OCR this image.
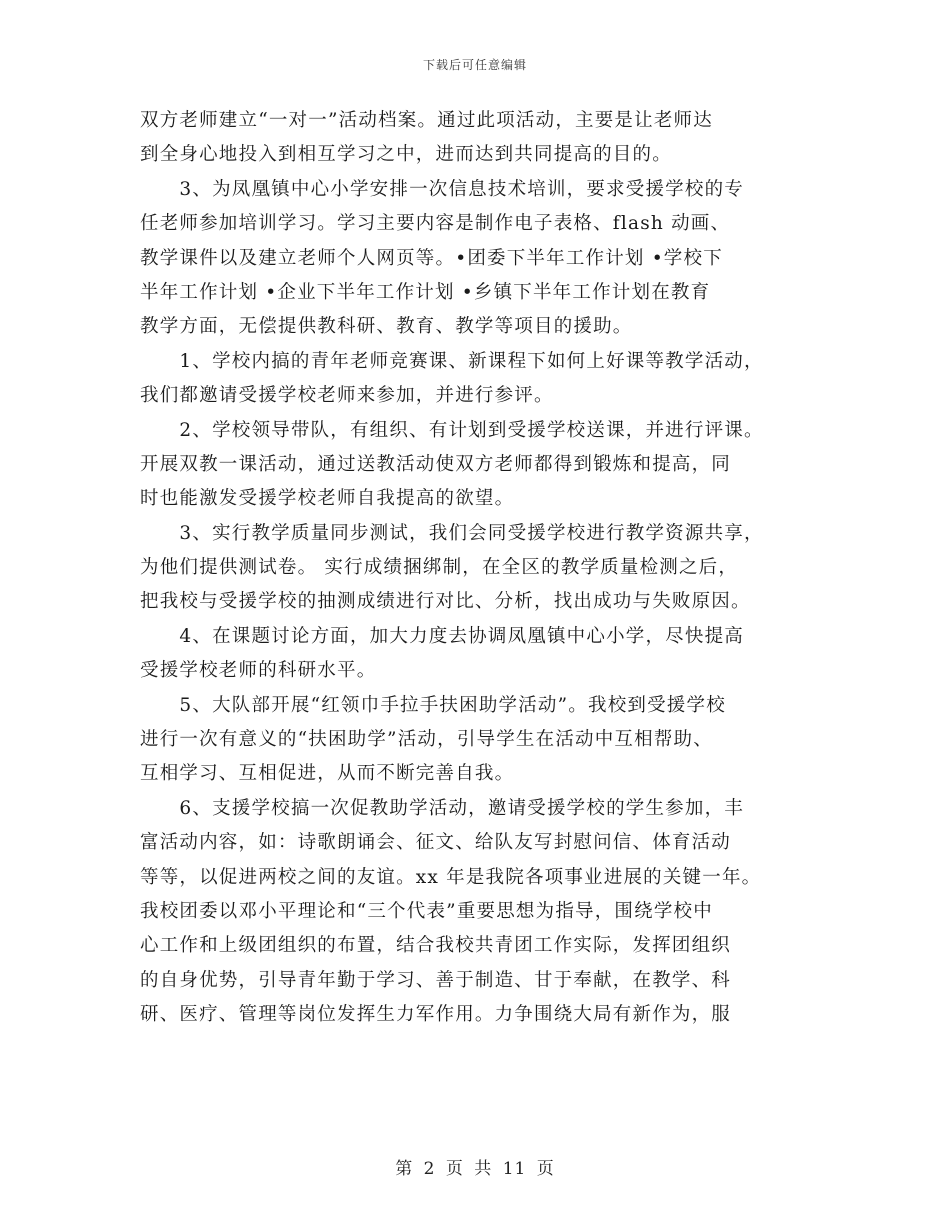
下载后可任意编辑
双方老师建立“一对一”活动档案。通过此项活动，主要是让老师达
到全身心地投入到相互学习之中，进而达到共同提高的目的。
　　3、为凤凰镇中心小学安排一次信息技术培训，要求受援学校的专
任老师参加培训学习。学习主要内容是制作电子表格、flash 动画、
教学课件以及建立老师个人网页等。•团委下半年工作计划 •学校下
半年工作计划 •企业下半年工作计划 •乡镇下半年工作计划在教育
教学方面，无偿提供教科研、教育、教学等项目的援助。
　　1、学校内搞的青年老师竞赛课、新课程下如何上好课等教学活动，
我们都邀请受援学校老师来参加，并进行参评。
　　2、学校领导带队，有组织、有计划到受援学校送课，并进行评课。
开展双教一课活动，通过送教活动使双方老师都得到锻炼和提高，同
时也能激发受援学校老师自我提高的欲望。
　　3、实行教学质量同步测试，我们会同受援学校进行教学资源共享，
为他们提供测试卷。 实行成绩捆绑制，在全区的教学质量检测之后，
把我校与受援学校的抽测成绩进行对比、分析，找出成功与失败原因。
　　4、在课题讨论方面，加大力度去协调凤凰镇中心小学，尽快提高
受援学校老师的科研水平。
　　5、大队部开展“红领巾手拉手扶困助学活动”。我校到受援学校
进行一次有意义的“扶困助学”活动，引导学生在活动中互相帮助、
互相学习、互相促进，从而不断完善自我。
　　6、支援学校搞一次促教助学活动，邀请受援学校的学生参加，丰
富活动内容，如：诗歌朗诵会、征文、给队友写封慰问信、体育活动
等等，以促进两校之间的友谊。xx 年是我院各项事业进展的关键一年。
我校团委以邓小平理论和“三个代表”重要思想为指导，围绕学校中
心工作和上级团组织的布置，结合我校共青团工作实际，发挥团组织
的自身优势，引导青年勤于学习、善于制造、甘于奉献，在教学、科
研、医疗、管理等岗位发挥生力军作用。力争围绕大局有新作为，服
第 2 页 共 11 页
